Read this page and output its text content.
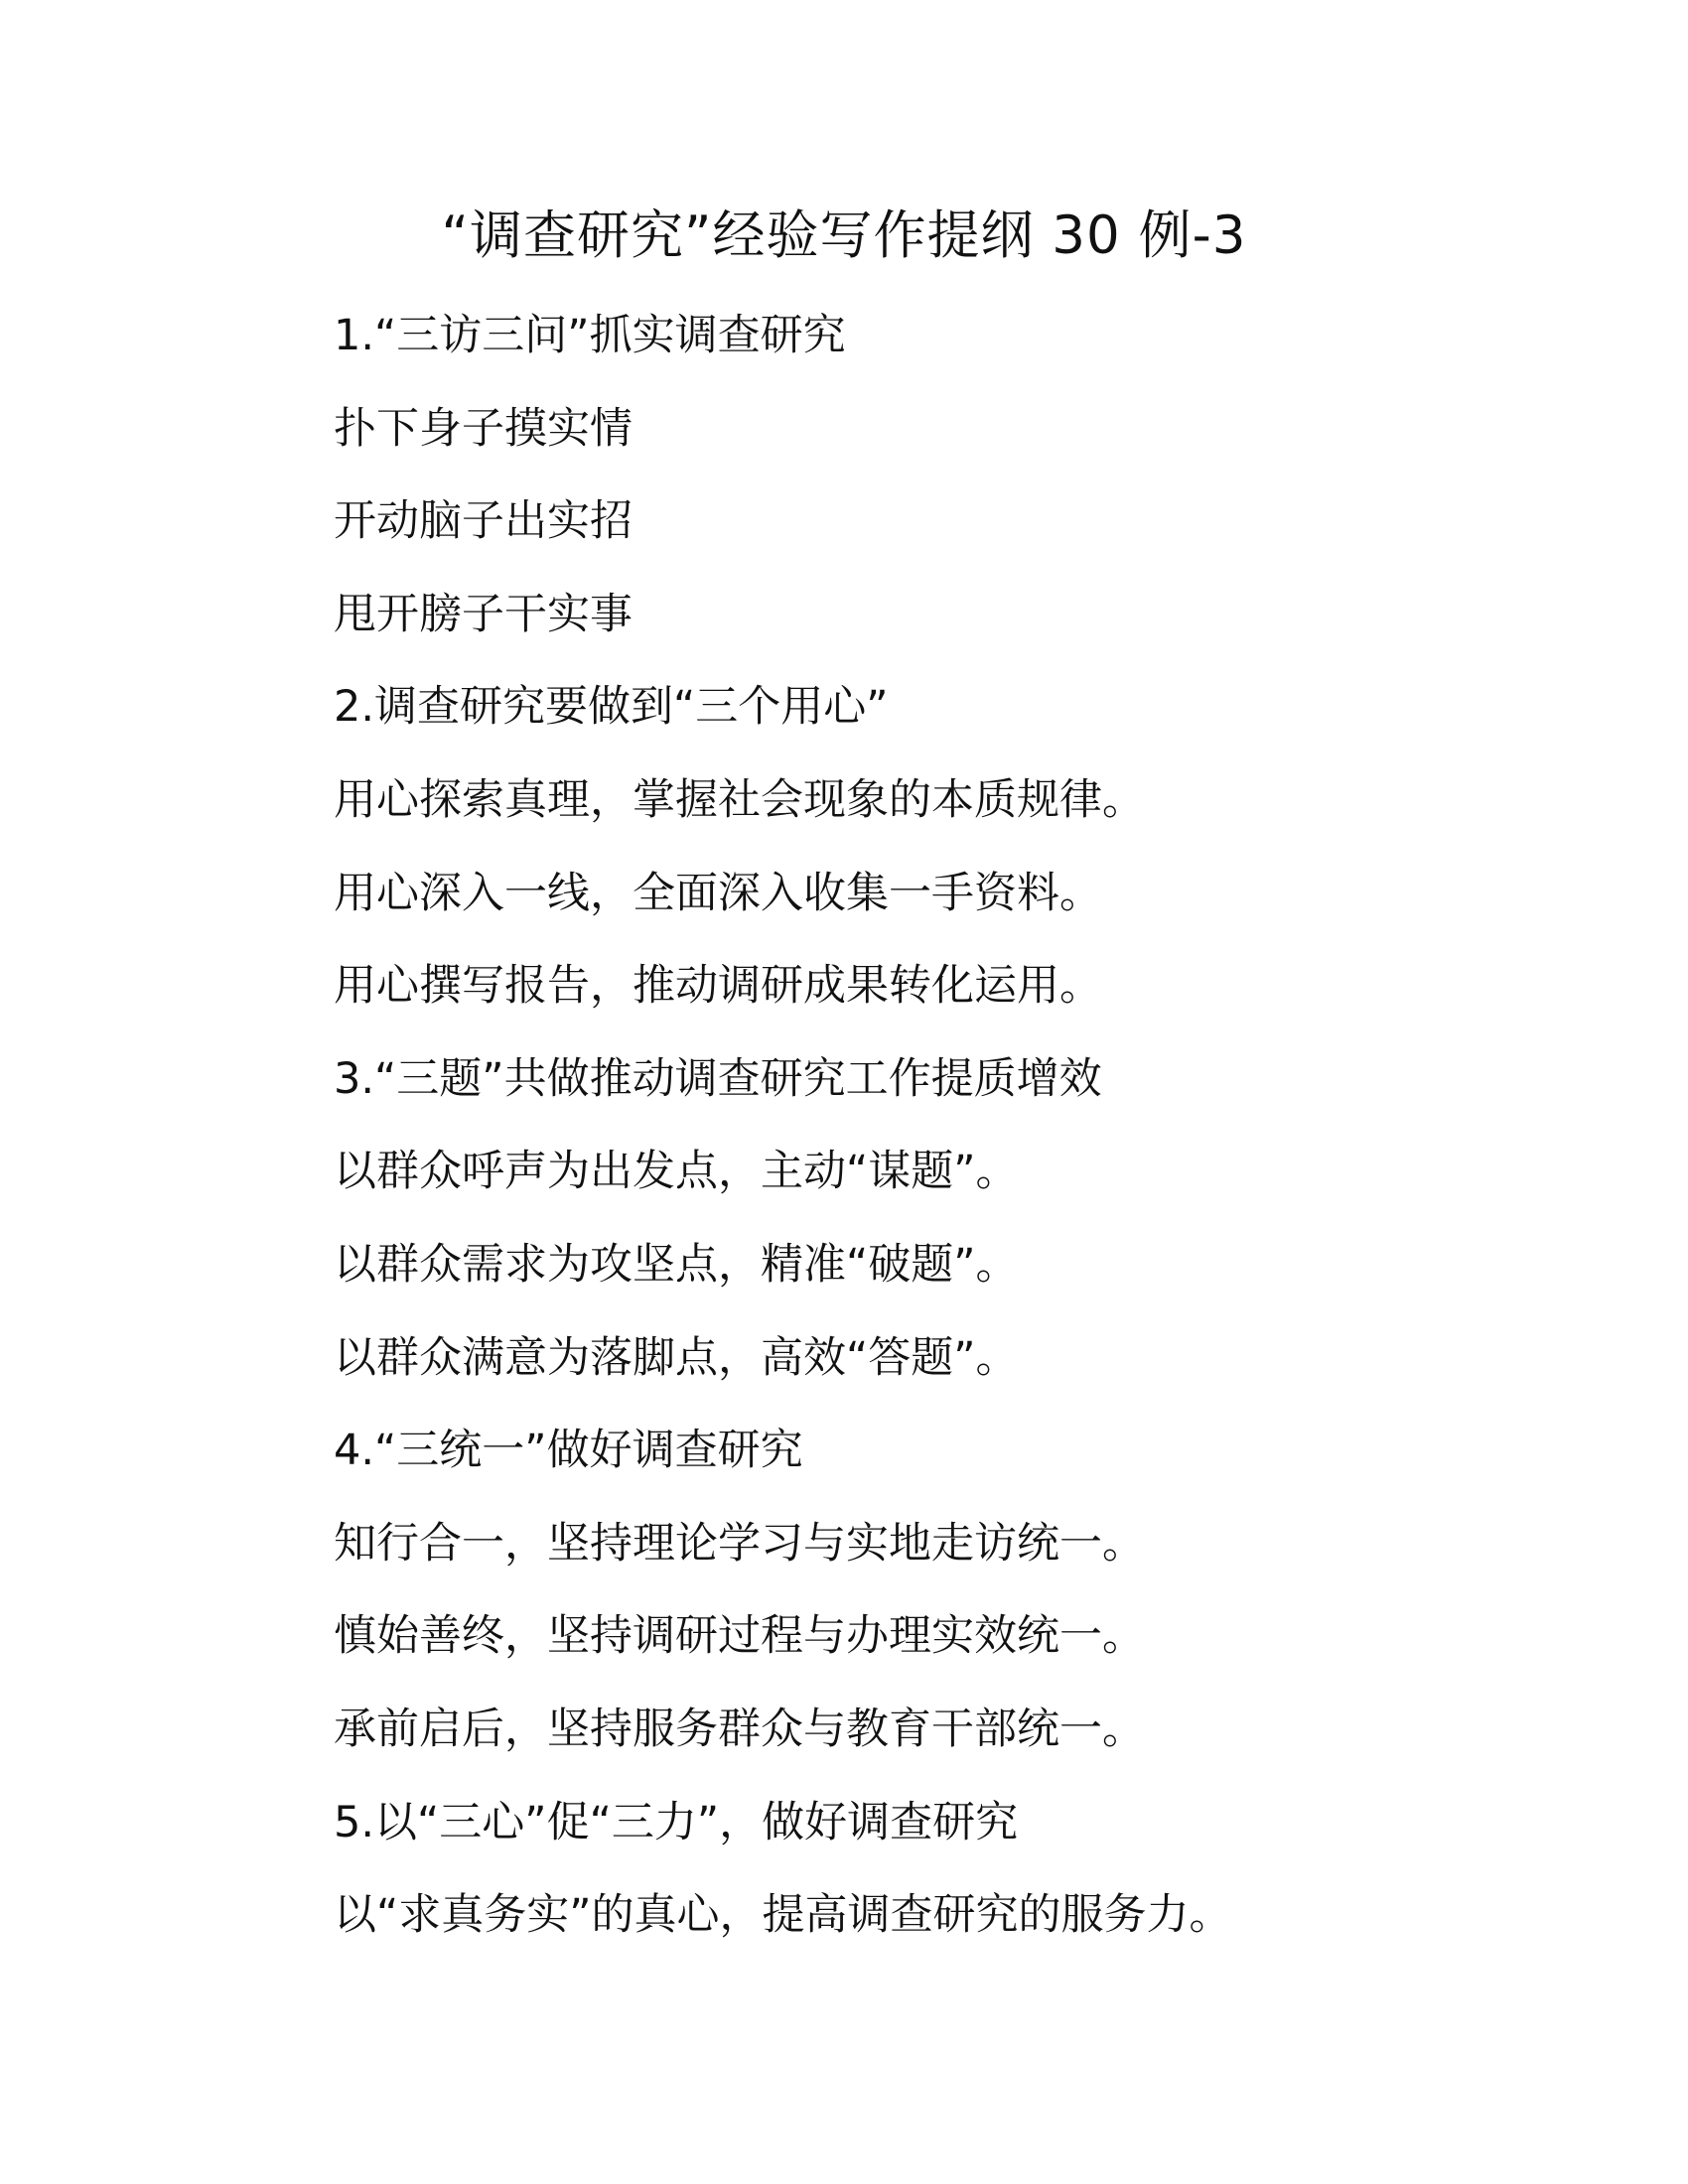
“调查研究”经验写作提纲 30 例-3
1.“三访三问”抓实调查研究
扑下身子摸实情
开动脑子出实招
甩开膀子干实事
2.调查研究要做到“三个用心”
用心探索真理，掌握社会现象的本质规律。
用心深入一线，全面深入收集一手资料。
用心撰写报告，推动调研成果转化运用。
3.“三题”共做推动调查研究工作提质增效
以群众呼声为出发点，主动“谋题”。
以群众需求为攻坚点，精准“破题”。
以群众满意为落脚点，高效“答题”。
4.“三统一”做好调查研究
知行合一，坚持理论学习与实地走访统一。
慎始善终，坚持调研过程与办理实效统一。
承前启后，坚持服务群众与教育干部统一。
5.以“三心”促“三力”，做好调查研究
以“求真务实”的真心，提高调查研究的服务力。
